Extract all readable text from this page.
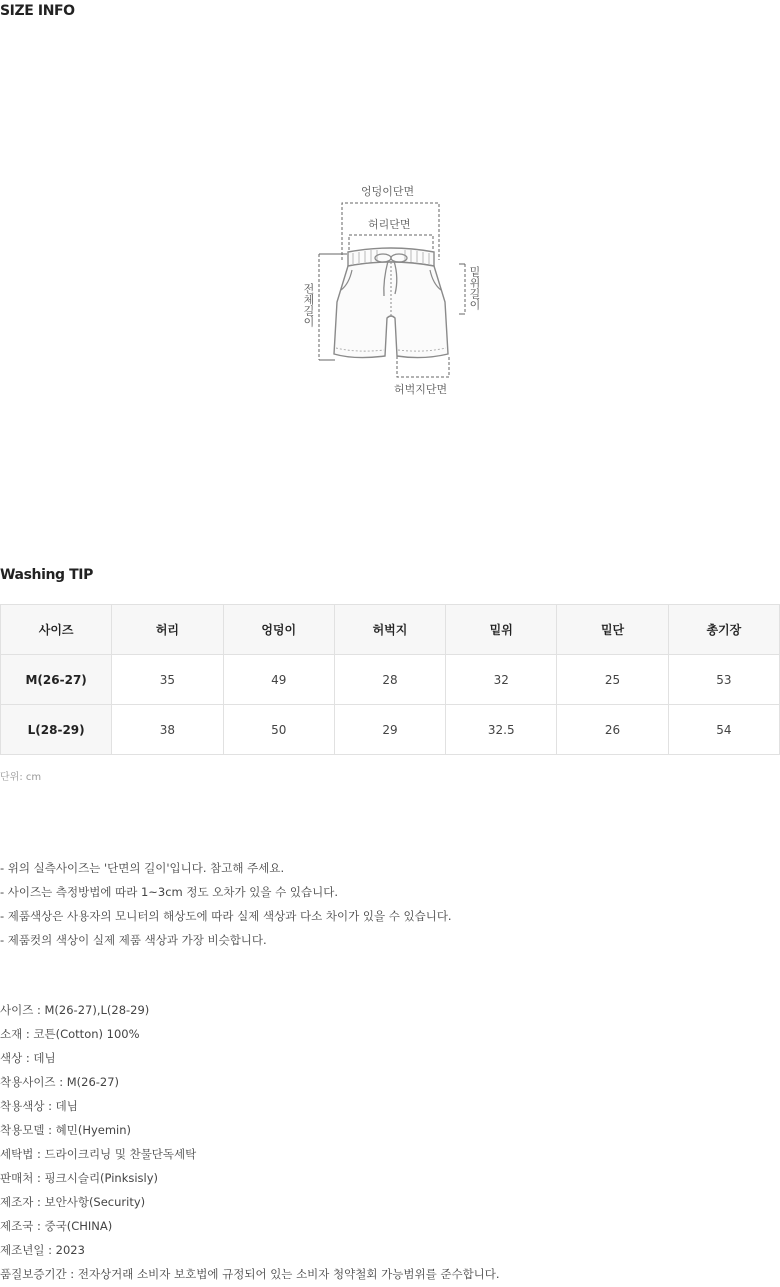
SIZE INFO
엉덩이단면
허리단면
허벅지단면
전체길이	밑위길이
Washing TIP
사이즈	허리	엉덩이	허벅지	밑위	밑단	총기장
M(26-27)	35	49	28	32	25	53
L(28-29)	38	50	29	32.5	26	54
단위: cm
- 위의 실측사이즈는 '단면의 길이'입니다. 참고해 주세요.
- 사이즈는 측정방법에 따라 1~3cm 정도 오차가 있을 수 있습니다.
- 제품색상은 사용자의 모니터의 해상도에 따라 실제 색상과 다소 차이가 있을 수 있습니다.
- 제품컷의 색상이 실제 제품 색상과 가장 비슷합니다.
사이즈 : M(26-27),L(28-29)
소재 : 코튼(Cotton) 100%
색상 : 데님
착용사이즈 : M(26-27)
착용색상 : 데님
착용모델 : 혜민(Hyemin)
세탁법 : 드라이크리닝 및 찬물단독세탁
판매처 : 핑크시슬리(Pinksisly)
제조자 : 보안사항(Security)
제조국 : 중국(CHINA)
제조년일 : 2023
품질보증기간 : 전자상거래 소비자 보호법에 규정되어 있는 소비자 청약철회 가능범위를 준수합니다.
